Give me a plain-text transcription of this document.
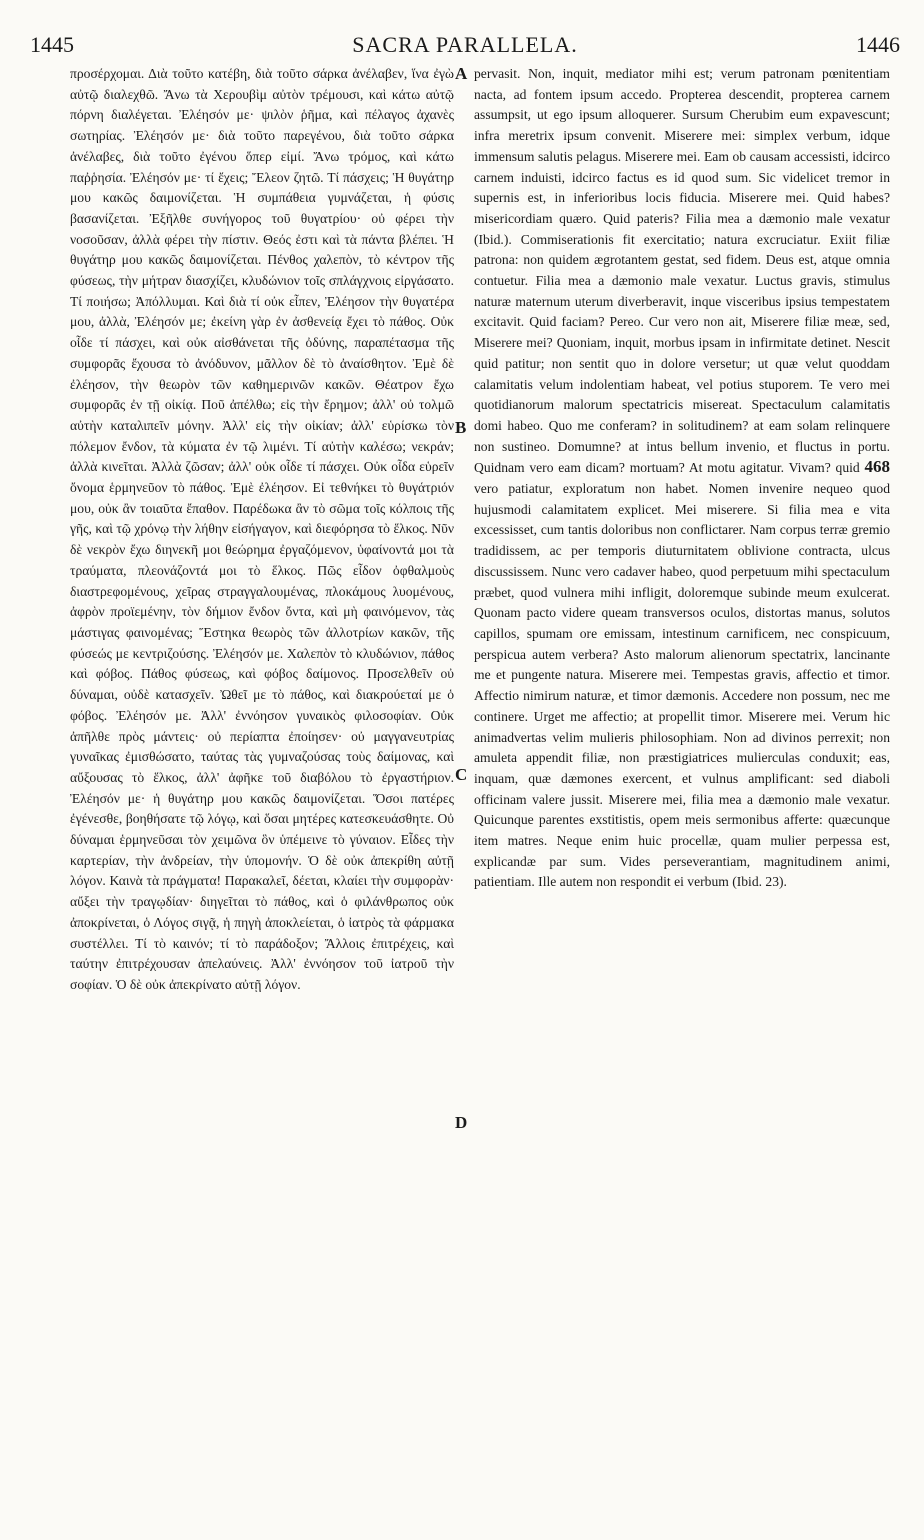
1445	SACRA PARALLELA.	1446

προσέρχομαι. Διὰ τοῦτο κατέβη, διὰ τοῦτο σάρκα ἀνέλαβεν, ἵνα ἐγὼ αὐτῷ διαλεχθῶ. Ἄνω τὰ Χερουβὶμ αὐτὸν τρέμουσι, καὶ κάτω αὐτῷ πόρνη διαλέγεται. Ἐλέησόν με· ψιλὸν ῥῆμα, καὶ πέλαγος ἀχανὲς σωτηρίας. Ἐλέησόν με· διὰ τοῦτο παρεγένου, διὰ τοῦτο σάρκα ἀνέλαβες, διὰ τοῦτο ἐγένου ὅπερ εἰμί. Ἄνω τρόμος, καὶ κάτω παῤῥησία. Ἐλέησόν με· τί ἔχεις; Ἔλεον ζητῶ. Τί πάσχεις; Ἡ θυγάτηρ μου κακῶς δαιμονίζεται. Ἡ συμπάθεια γυμνάζεται, ἡ φύσις βασανίζεται. Ἐξῆλθε συνήγορος τοῦ θυγατρίου· οὐ φέρει τὴν νοσοῦσαν, ἀλλὰ φέρει τὴν πίστιν. Θεός ἐστι καὶ τὰ πάντα βλέπει. Ἡ θυγάτηρ μου κακῶς δαιμονίζεται. Πένθος χαλεπὸν, τὸ κέντρον τῆς φύσεως, τὴν μήτραν διασχίζει, κλυδώνιον τοῖς σπλάγχνοις εἰργάσατο. Τί ποιήσω; Ἀπόλλυμαι. Καὶ διὰ τί οὐκ εἶπεν, Ἐλέησον τὴν θυγατέρα μου, ἀλλὰ, Ἐλέησόν με; ἐκείνη γὰρ ἐν ἀσθενείᾳ ἔχει τὸ πάθος. Οὐκ οἶδε τί πάσχει, καὶ οὐκ αἰσθάνεται τῆς ὀδύνης, παραπέτασμα τῆς συμφορᾶς ἔχουσα τὸ ἀνόδυνον, μᾶλλον δὲ τὸ ἀναίσθητον. Ἐμὲ δὲ ἐλέησον, τὴν θεωρὸν τῶν καθημερινῶν κακῶν. Θέατρον ἔχω συμφορᾶς ἐν τῇ οἰκίᾳ. Ποῦ ἀπέλθω; εἰς τὴν ἔρημον; ἀλλ' οὐ τολμῶ αὐτὴν καταλιπεῖν μόνην. Ἀλλ' εἰς τὴν οἰκίαν; ἀλλ' εὑρίσκω τὸν πόλεμον ἔνδον, τὰ κύματα ἐν τῷ λιμένι. Τί αὐτὴν καλέσω; νεκράν; ἀλλὰ κινεῖται. Ἀλλὰ ζῶσαν; ἀλλ' οὐκ οἶδε τί πάσχει. Οὐκ οἶδα εὑρεῖν ὄνομα ἑρμηνεῦον τὸ πάθος. Ἐμὲ ἐλέησον. Εἰ τεθνήκει τὸ θυγάτριόν μου, οὐκ ἂν τοιαῦτα ἔπαθον. Παρέδωκα ἂν τὸ σῶμα τοῖς κόλποις τῆς γῆς, καὶ τῷ χρόνῳ τὴν λήθην εἰσήγαγον, καὶ διεφόρησα τὸ ἕλκος. Νῦν δὲ νεκρὸν ἔχω διηνεκῆ μοι θεώρημα ἐργαζόμενον, ὑφαίνοντά μοι τὰ τραύματα, πλεονάζοντά μοι τὸ ἕλκος. Πῶς εἶδον ὀφθαλμοὺς διαστρεφομένους, χεῖρας στραγγαλουμένας, πλοκάμους λυομένους, ἀφρὸν προϊεμένην, τὸν δήμιον ἔνδον ὄντα, καὶ μὴ φαινόμενον, τὰς μάστιγας φαινομένας; Ἕστηκα θεωρὸς τῶν ἀλλοτρίων κακῶν, τῆς φύσεώς με κεντριζούσης. Ἐλέησόν με. Χαλεπὸν τὸ κλυδώνιον, πάθος καὶ φόβος. Πάθος φύσεως, καὶ φόβος δαίμονος. Προσελθεῖν οὐ δύναμαι, οὐδὲ κατασχεῖν. Ὠθεῖ με τὸ πάθος, καὶ διακρούεταί με ὁ φόβος. Ἐλέησόν με. Ἀλλ' ἐννόησον γυναικὸς φιλοσοφίαν. Οὐκ ἀπῆλθε πρὸς μάντεις· οὐ περίαπτα ἐποίησεν· οὐ μαγγανευτρίας γυναῖκας ἐμισθώσατο, ταύτας τὰς γυμναζούσας τοὺς δαίμονας, καὶ αὔξουσας τὸ ἕλκος, ἀλλ' ἀφῆκε τοῦ διαβόλου τὸ ἐργαστήριον. Ἐλέησόν με· ἡ θυγάτηρ μου κακῶς δαιμονίζεται. Ὅσοι πατέρες ἐγένεσθε, βοηθήσατε τῷ λόγῳ, καὶ ὅσαι μητέρες κατεσκευάσθητε. Οὐ δύναμαι ἑρμηνεῦσαι τὸν χειμῶνα ὃν ὑπέμεινε τὸ γύναιον. Εἶδες τὴν καρτερίαν, τὴν ἀνδρείαν, τὴν ὑπομονήν. Ὁ δὲ οὐκ ἀπεκρίθη αὐτῇ λόγον. Καινὰ τὰ πράγματα! Παρακαλεῖ, δέεται, κλαίει τὴν συμφορὰν· αὔξει τὴν τραγῳδίαν· διηγεῖται τὸ πάθος, καὶ ὁ φιλάνθρωπος οὐκ ἀποκρίνεται, ὁ Λόγος σιγᾷ, ἡ πηγὴ ἀποκλείεται, ὁ ἰατρὸς τὰ φάρμακα συστέλλει. Τί τὸ καινόν; τί τὸ παράδοξον; Ἄλλοις ἐπιτρέχεις, καὶ ταύτην ἐπιτρέχουσαν ἀπελαύνεις. Ἀλλ' ἐννόησον τοῦ ἰατροῦ τὴν σοφίαν. Ὁ δὲ οὐκ ἀπεκρίνατο αὐτῇ λόγον.

A
B
C
D

pervasit. Non, inquit, mediator mihi est; verum patronam pœnitentiam nacta, ad fontem ipsum accedo. Propterea descendit, propterea carnem assumpsit, ut ego ipsum alloquerer. Sursum Cherubim eum expavescunt; infra meretrix ipsum convenit. Miserere mei: simplex verbum, idque immensum salutis pelagus. Miserere mei. Eam ob causam accessisti, idcirco carnem induisti, idcirco factus es id quod sum. Sic videlicet tremor in supernis est, in inferioribus locis fiducia. Miserere mei. Quid habes? misericordiam quæro. Quid pateris? Filia mea a dæmonio male vexatur (Ibid.). Commiserationis fit exercitatio; natura excruciatur. Exiit filiæ patrona: non quidem ægrotantem gestat, sed fidem. Deus est, atque omnia contuetur. Filia mea a dæmonio male vexatur. Luctus gravis, stimulus naturæ maternum uterum diverberavit, inque visceribus ipsius tempestatem excitavit. Quid faciam? Pereo. Cur vero non ait, Miserere filiæ meæ, sed, Miserere mei? Quoniam, inquit, morbus ipsam in infirmitate detinet. Nescit quid patitur; non sentit quo in dolore versetur; ut quæ velut quoddam calamitatis velum indolentiam habeat, vel potius stuporem. Te vero mei quotidianorum malorum spectatricis misereat. Spectaculum calamitatis domi habeo. Quo me conferam? in solitudinem? at eam solam relinquere non sustineo. Domumne? at intus bellum invenio, et fluctus in portu. Quidnam vero eam dicam? mortuam? At motu agitatur. Vivam? quid 468 vero patiatur, exploratum non habet. Nomen invenire nequeo quod hujusmodi calamitatem explicet. Mei miserere. Si filia mea e vita excessisset, cum tantis doloribus non conflictarer. Nam corpus terræ gremio tradidissem, ac per temporis diuturnitatem oblivione contracta, ulcus discussissem. Nunc vero cadaver habeo, quod perpetuum mihi spectaculum præbet, quod vulnera mihi infligit, doloremque subinde meum exulcerat. Quonam pacto videre queam transversos oculos, distortas manus, solutos capillos, spumam ore emissam, intestinum carnificem, nec conspicuum, perspicua autem verbera? Asto malorum alienorum spectatrix, lancinante me et pungente natura. Miserere mei. Tempestas gravis, affectio et timor. Affectio nimirum naturæ, et timor dæmonis. Accedere non possum, nec me continere. Urget me affectio; at propellit timor. Miserere mei. Verum hic animadvertas velim mulieris philosophiam. Non ad divinos perrexit; non amuleta appendit filiæ, non præstigiatrices mulierculas conduxit; eas, inquam, quæ dæmones exercent, et vulnus amplificant: sed diaboli officinam valere jussit. Miserere mei, filia mea a dæmonio male vexatur. Quicunque parentes exstitistis, opem meis sermonibus afferte: quæcunque item matres. Neque enim huic procellæ, quam mulier perpessa est, explicandæ par sum. Vides perseverantiam, magnitudinem animi, patientiam. Ille autem non respondit ei verbum (Ibid. 23).
